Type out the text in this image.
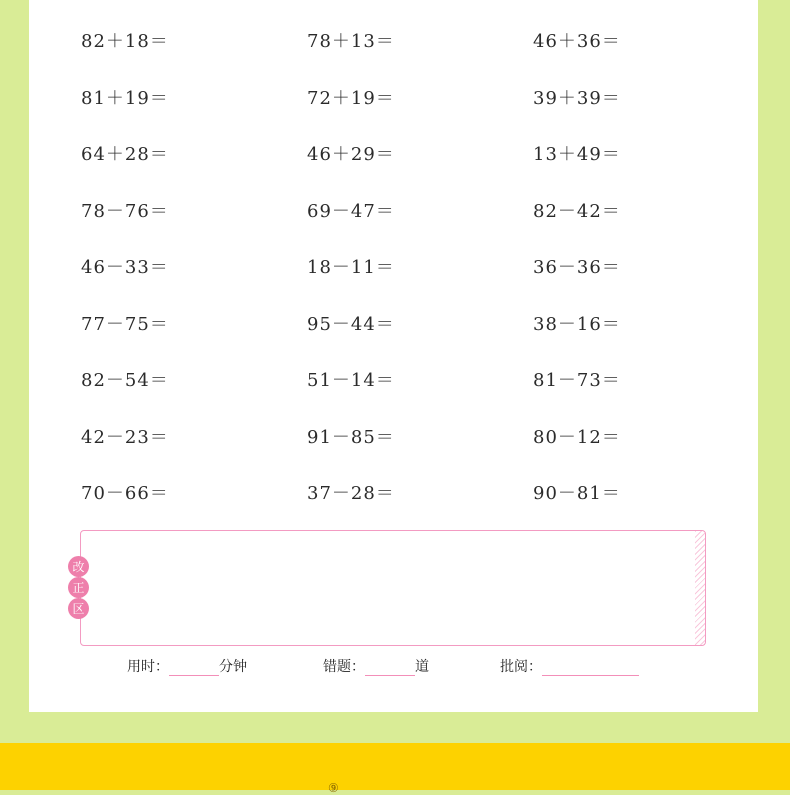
82＋18＝	78＋13＝	46＋36＝
81＋19＝	72＋19＝	39＋39＝
64＋28＝	46＋29＝	13＋49＝
78－76＝	69－47＝	82－42＝
46－33＝	18－11＝	36－36＝
77－75＝	95－44＝	38－16＝
82－54＝	51－14＝	81－73＝
42－23＝	91－85＝	80－12＝
70－66＝	37－28＝	90－81＝
改
正
区
用时：	分钟	错题：	道	批阅：
⑨
